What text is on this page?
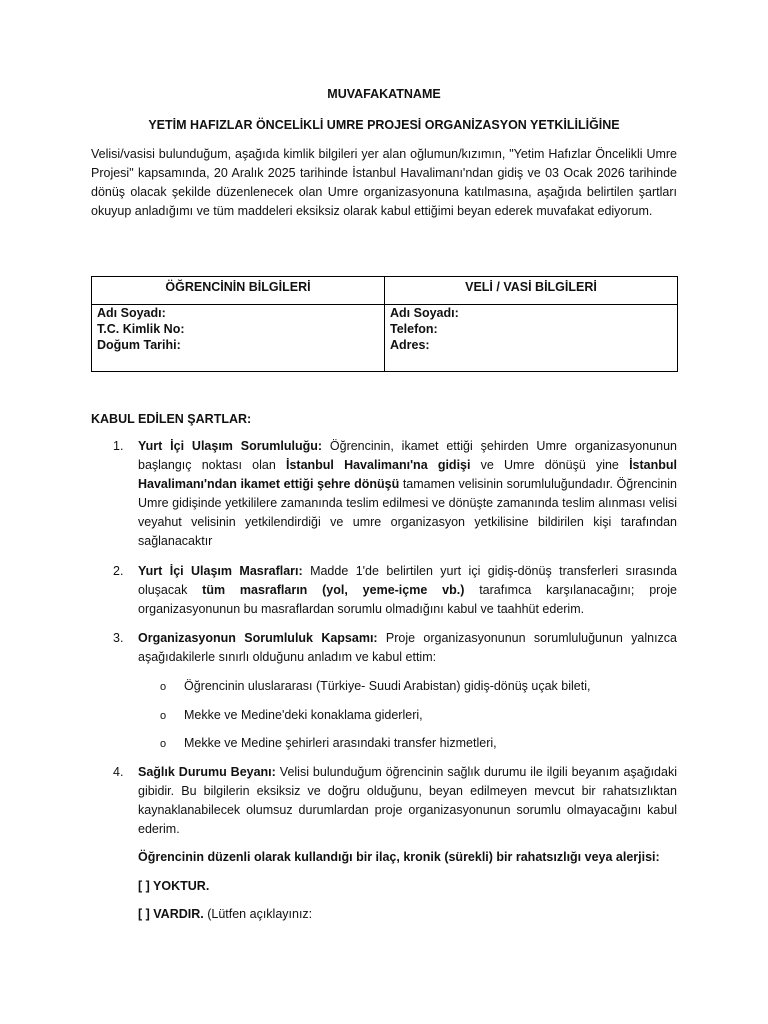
MUVAFAKATNAME
YETİM HAFIZLAR ÖNCELİKLİ UMRE PROJESİ ORGANİZASYON YETKİLİLİĞİNE
Velisi/vasisi bulunduğum, aşağıda kimlik bilgileri yer alan oğlumun/kızımın, "Yetim Hafızlar Öncelikli Umre Projesi" kapsamında, 20 Aralık 2025 tarihinde İstanbul Havalimanı'ndan gidiş ve 03 Ocak 2026 tarihinde dönüş olacak şekilde düzenlenecek olan Umre organizasyonuna katılmasına, aşağıda belirtilen şartları okuyup anladığımı ve tüm maddeleri eksiksiz olarak kabul ettiğimi beyan ederek muvafakat ediyorum.
ÖĞRENCİNİN BİLGİLERİ	VELİ / VASİ BİLGİLERİ
Adı Soyadı:	Adı Soyadı:
T.C. Kimlik No:	Telefon:
Doğum Tarihi:	Adres:
KABUL EDİLEN ŞARTLAR:
1.	Yurt İçi Ulaşım Sorumluluğu: Öğrencinin, ikamet ettiği şehirden Umre organizasyonunun başlangıç noktası olan İstanbul Havalimanı'na gidişi ve Umre dönüşü yine İstanbul Havalimanı'ndan ikamet ettiği şehre dönüşü tamamen velisinin sorumluluğundadır. Öğrencinin Umre gidişinde yetkililere zamanında teslim edilmesi ve dönüşte zamanında teslim alınması velisi veyahut velisinin yetkilendirdiği ve umre organizasyon yetkilisine bildirilen kişi tarafından sağlanacaktır
2.	Yurt İçi Ulaşım Masrafları: Madde 1'de belirtilen yurt içi gidiş-dönüş transferleri sırasında oluşacak tüm masrafların (yol, yeme-içme vb.) tarafımca karşılanacağını; proje organizasyonunun bu masraflardan sorumlu olmadığını kabul ve taahhüt ederim.
3.	Organizasyonun Sorumluluk Kapsamı: Proje organizasyonunun sorumluluğunun yalnızca aşağıdakilerle sınırlı olduğunu anladım ve kabul ettim:
o Öğrencinin uluslararası (Türkiye- Suudi Arabistan) gidiş-dönüş uçak bileti,
o Mekke ve Medine'deki konaklama giderleri,
o Mekke ve Medine şehirleri arasındaki transfer hizmetleri,
4.	Sağlık Durumu Beyanı: Velisi bulunduğum öğrencinin sağlık durumu ile ilgili beyanım aşağıdaki gibidir. Bu bilgilerin eksiksiz ve doğru olduğunu, beyan edilmeyen mevcut bir rahatsızlıktan kaynaklanabilecek olumsuz durumlardan proje organizasyonunun sorumlu olmayacağını kabul ederim.
Öğrencinin düzenli olarak kullandığı bir ilaç, kronik (sürekli) bir rahatsızlığı veya alerjisi:
[ ] YOKTUR.
[ ] VARDIR. (Lütfen açıklayınız:
